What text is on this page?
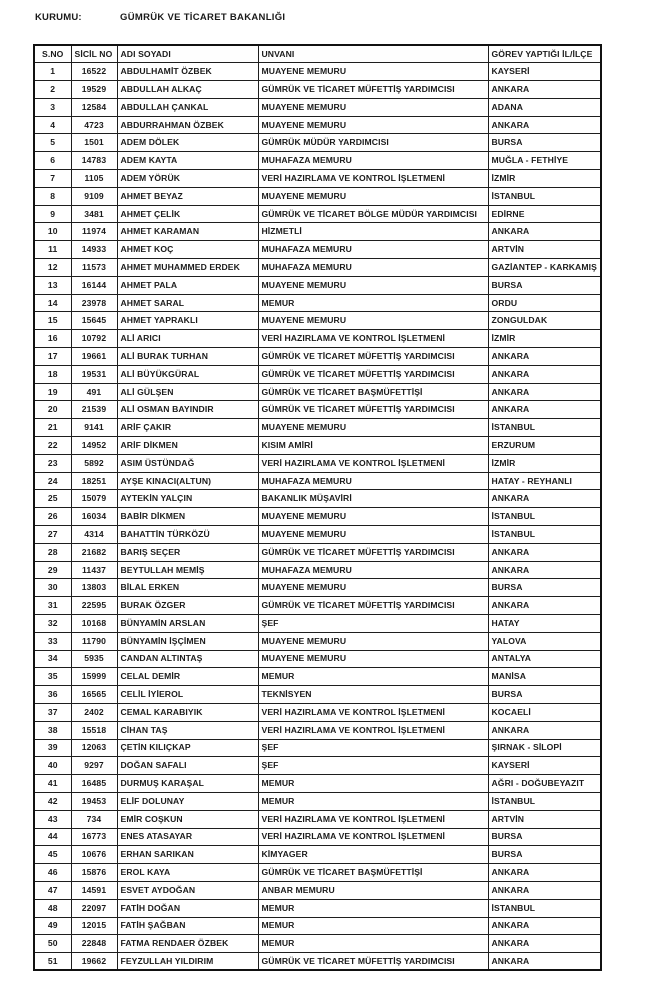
KURUMU:	GÜMRÜK VE TİCARET BAKANLIĞI
S.NO	SİCİL NO	ADI SOYADI	UNVANI	GÖREV YAPTIĞI İL/İLÇE
1	16522	ABDULHAMİT ÖZBEK	MUAYENE MEMURU	KAYSERİ
2	19529	ABDULLAH ALKAÇ	GÜMRÜK VE TİCARET MÜFETTİŞ YARDIMCISI	ANKARA
3	12584	ABDULLAH ÇANKAL	MUAYENE MEMURU	ADANA
4	4723	ABDURRAHMAN ÖZBEK	MUAYENE MEMURU	ANKARA
5	1501	ADEM DÖLEK	GÜMRÜK MÜDÜR YARDIMCISI	BURSA
6	14783	ADEM KAYTA	MUHAFAZA MEMURU	MUĞLA - FETHİYE
7	1105	ADEM YÖRÜK	VERİ HAZIRLAMA VE KONTROL İŞLETMENİ	İZMİR
8	9109	AHMET BEYAZ	MUAYENE MEMURU	İSTANBUL
9	3481	AHMET ÇELİK	GÜMRÜK VE TİCARET BÖLGE MÜDÜR YARDIMCISI	EDİRNE
10	11974	AHMET KARAMAN	HİZMETLİ	ANKARA
11	14933	AHMET KOÇ	MUHAFAZA MEMURU	ARTVİN
12	11573	AHMET MUHAMMED ERDEK	MUHAFAZA MEMURU	GAZİANTEP - KARKAMIŞ
13	16144	AHMET PALA	MUAYENE MEMURU	BURSA
14	23978	AHMET SARAL	MEMUR	ORDU
15	15645	AHMET YAPRAKLI	MUAYENE MEMURU	ZONGULDAK
16	10792	ALİ ARICI	VERİ HAZIRLAMA VE KONTROL İŞLETMENİ	İZMİR
17	19661	ALİ BURAK TURHAN	GÜMRÜK VE TİCARET MÜFETTİŞ YARDIMCISI	ANKARA
18	19531	ALİ BÜYÜKGÜRAL	GÜMRÜK VE TİCARET MÜFETTİŞ YARDIMCISI	ANKARA
19	491	ALİ GÜLŞEN	GÜMRÜK VE TİCARET BAŞMÜFETTİŞİ	ANKARA
20	21539	ALİ OSMAN BAYINDIR	GÜMRÜK VE TİCARET MÜFETTİŞ YARDIMCISI	ANKARA
21	9141	ARİF ÇAKIR	MUAYENE MEMURU	İSTANBUL
22	14952	ARİF DİKMEN	KISIM AMİRİ	ERZURUM
23	5892	ASIM ÜSTÜNDAĞ	VERİ HAZIRLAMA VE KONTROL İŞLETMENİ	İZMİR
24	18251	AYŞE KINACI(ALTUN)	MUHAFAZA MEMURU	HATAY - REYHANLI
25	15079	AYTEKİN YALÇIN	BAKANLIK MÜŞAVİRİ	ANKARA
26	16034	BABİR DİKMEN	MUAYENE MEMURU	İSTANBUL
27	4314	BAHATTİN TÜRKÖZÜ	MUAYENE MEMURU	İSTANBUL
28	21682	BARIŞ SEÇER	GÜMRÜK VE TİCARET MÜFETTİŞ YARDIMCISI	ANKARA
29	11437	BEYTULLAH MEMİŞ	MUHAFAZA MEMURU	ANKARA
30	13803	BİLAL ERKEN	MUAYENE MEMURU	BURSA
31	22595	BURAK ÖZGER	GÜMRÜK VE TİCARET MÜFETTİŞ YARDIMCISI	ANKARA
32	10168	BÜNYAMİN ARSLAN	ŞEF	HATAY
33	11790	BÜNYAMİN İŞÇİMEN	MUAYENE MEMURU	YALOVA
34	5935	CANDAN ALTINTAŞ	MUAYENE MEMURU	ANTALYA
35	15999	CELAL DEMİR	MEMUR	MANİSA
36	16565	CELİL İYİEROL	TEKNİSYEN	BURSA
37	2402	CEMAL KARABIYIK	VERİ HAZIRLAMA VE KONTROL İŞLETMENİ	KOCAELİ
38	15518	CİHAN TAŞ	VERİ HAZIRLAMA VE KONTROL İŞLETMENİ	ANKARA
39	12063	ÇETİN KILIÇKAP	ŞEF	ŞIRNAK - SİLOPİ
40	9297	DOĞAN SAFALI	ŞEF	KAYSERİ
41	16485	DURMUŞ KARAŞAL	MEMUR	AĞRI - DOĞUBEYAZIT
42	19453	ELİF DOLUNAY	MEMUR	İSTANBUL
43	734	EMİR COŞKUN	VERİ HAZIRLAMA VE KONTROL İŞLETMENİ	ARTVİN
44	16773	ENES ATASAYAR	VERİ HAZIRLAMA VE KONTROL İŞLETMENİ	BURSA
45	10676	ERHAN SARIKAN	KİMYAGER	BURSA
46	15876	EROL KAYA	GÜMRÜK VE TİCARET BAŞMÜFETTİŞİ	ANKARA
47	14591	ESVET AYDOĞAN	ANBAR MEMURU	ANKARA
48	22097	FATİH DOĞAN	MEMUR	İSTANBUL
49	12015	FATİH ŞAĞBAN	MEMUR	ANKARA
50	22848	FATMA RENDAER ÖZBEK	MEMUR	ANKARA
51	19662	FEYZULLAH YILDIRIM	GÜMRÜK VE TİCARET MÜFETTİŞ YARDIMCISI	ANKARA
